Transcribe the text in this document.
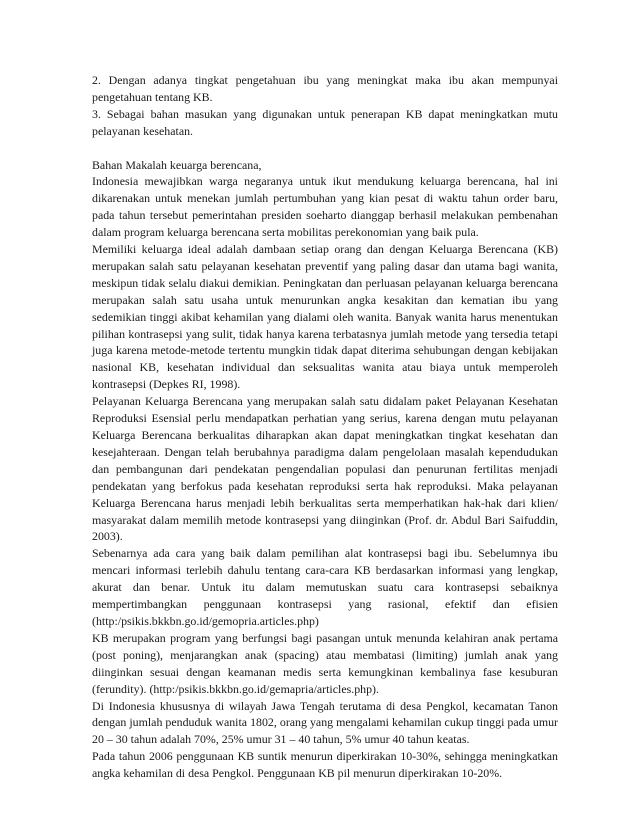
2. Dengan adanya tingkat pengetahuan ibu yang meningkat maka ibu akan mempunyai pengetahuan tentang KB.

3. Sebagai bahan masukan yang digunakan untuk penerapan KB dapat meningkatkan mutu pelayanan kesehatan.

Bahan Makalah keuarga berencana,

Indonesia mewajibkan warga negaranya untuk ikut mendukung keluarga berencana, hal ini dikarenakan untuk menekan jumlah pertumbuhan yang kian pesat di waktu tahun order baru, pada tahun tersebut pemerintahan presiden soeharto dianggap berhasil melakukan pembenahan dalam program keluarga berencana serta mobilitas perekonomian yang baik pula.

Memiliki keluarga ideal adalah dambaan setiap orang dan dengan Keluarga Berencana (KB) merupakan salah satu pelayanan kesehatan preventif yang paling dasar dan utama bagi wanita, meskipun tidak selalu diakui demikian. Peningkatan dan perluasan pelayanan keluarga berencana merupakan salah satu usaha untuk menurunkan angka kesakitan dan kematian ibu yang sedemikian tinggi akibat kehamilan yang dialami oleh wanita. Banyak wanita harus menentukan pilihan kontrasepsi yang sulit, tidak hanya karena terbatasnya jumlah metode yang tersedia tetapi juga karena metode-metode tertentu mungkin tidak dapat diterima sehubungan dengan kebijakan nasional KB, kesehatan individual dan seksualitas wanita atau biaya untuk memperoleh kontrasepsi (Depkes RI, 1998).

Pelayanan Keluarga Berencana yang merupakan salah satu didalam paket Pelayanan Kesehatan Reproduksi Esensial perlu mendapatkan perhatian yang serius, karena dengan mutu pelayanan Keluarga Berencana berkualitas diharapkan akan dapat meningkatkan tingkat kesehatan dan kesejahteraan. Dengan telah berubahnya paradigma dalam pengelolaan masalah kependudukan dan pembangunan dari pendekatan pengendalian populasi dan penurunan fertilitas menjadi pendekatan yang berfokus pada kesehatan reproduksi serta hak reproduksi. Maka pelayanan Keluarga Berencana harus menjadi lebih berkualitas serta memperhatikan hak-hak dari klien/ masyarakat dalam memilih metode kontrasepsi yang diinginkan (Prof. dr. Abdul Bari Saifuddin, 2003).

Sebenarnya ada cara yang baik dalam pemilihan alat kontrasepsi bagi ibu. Sebelumnya ibu mencari informasi terlebih dahulu tentang cara-cara KB berdasarkan informasi yang lengkap, akurat dan benar. Untuk itu dalam memutuskan suatu cara kontrasepsi sebaiknya mempertimbangkan penggunaan kontrasepsi yang rasional, efektif dan efisien (http:/psikis.bkkbn.go.id/gemopria.articles.php)

KB merupakan program yang berfungsi bagi pasangan untuk menunda kelahiran anak pertama (post poning), menjarangkan anak (spacing) atau membatasi (limiting) jumlah anak yang diinginkan sesuai dengan keamanan medis serta kemungkinan kembalinya fase kesuburan (ferundity). (http:/psikis.bkkbn.go.id/gemapria/articles.php).

Di Indonesia khususnya di wilayah Jawa Tengah terutama di desa Pengkol, kecamatan Tanon dengan jumlah penduduk wanita 1802, orang yang mengalami kehamilan cukup tinggi pada umur 20 – 30 tahun adalah 70%, 25% umur 31 – 40 tahun, 5% umur 40 tahun keatas.

Pada tahun 2006 penggunaan KB suntik menurun diperkirakan 10-30%, sehingga meningkatkan angka kehamilan di desa Pengkol. Penggunaan KB pil menurun diperkirakan 10-20%.
